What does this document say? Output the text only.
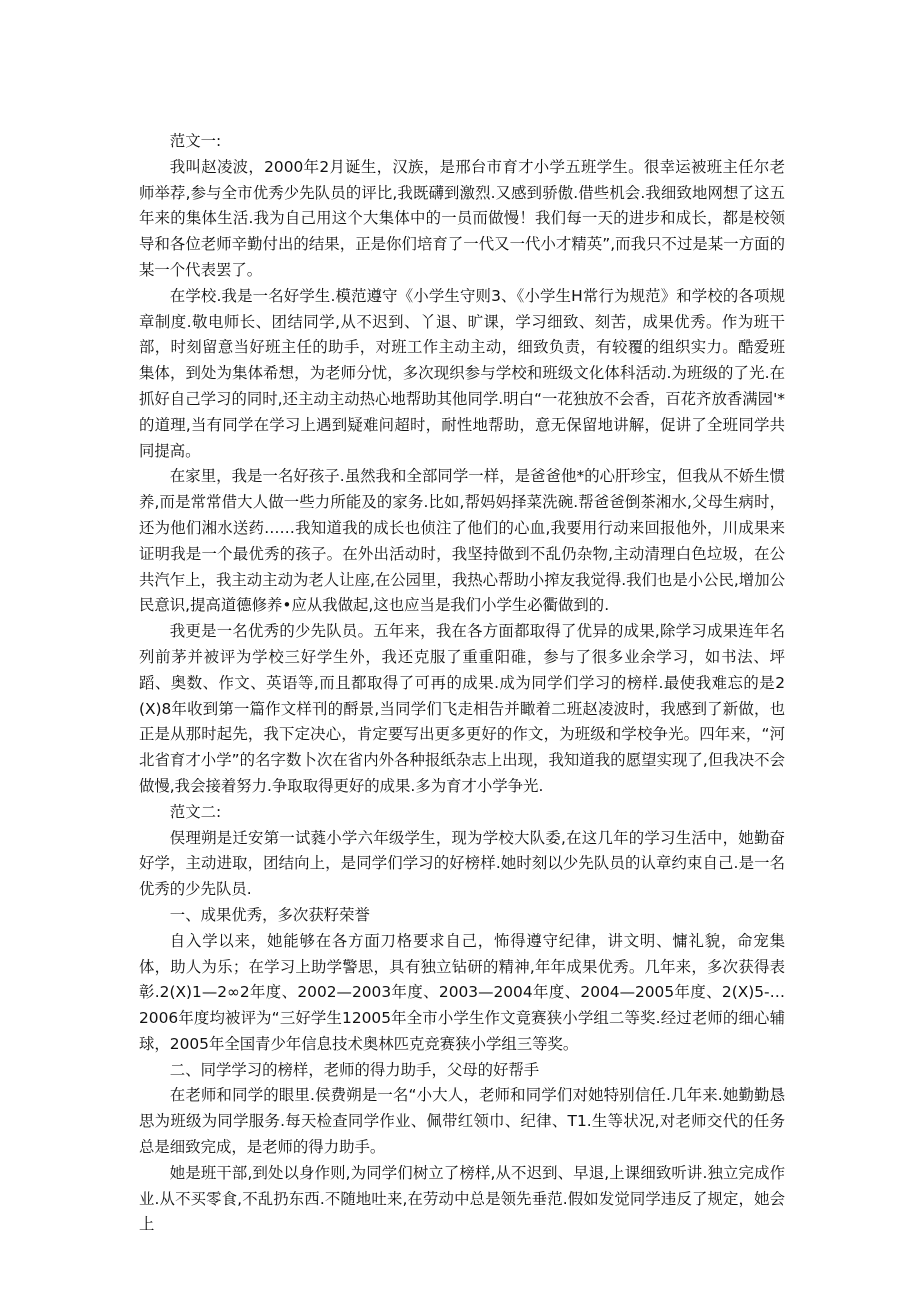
范文一:

我叫赵凌波，2000年2月诞生，汉族，是邢台市育才小学五班学生。很幸运被班主任尔老师举荐,参与全市优秀少先队员的评比,我既礴到激烈.又感到骄傲.借些机会.我细致地网想了这五年来的集体生活.我为自己用这个大集体中的一员而做慢！我们每一天的进步和成长，都是校领导和各位老师辛勤付出的结果，正是你们培育了一代又一代小才精英”,而我只不过是某一方面的某一个代表罢了。

在学校.我是一名好学生.模范遵守《小学生守则3、《小学生H常行为规范》和学校的各项规章制度.敬电师长、团结同学,从不迟到、丫退、旷课，学习细致、刻苦，成果优秀。作为班干部，时刻留意当好班主任的助手，对班工作主动主动，细致负责，有较覆的组织实力。酷爱班集体，到处为集体希想，为老师分忧，多次现织参与学校和班级文化体科活动.为班级的了光.在抓好自己学习的同时,还主动主动热心地帮助其他同学.明白“一花独放不会香，百花齐放香满园'*的道理,当有同学在学习上遇到疑难问超时，耐性地帮助，意无保留地讲解，促讲了全班同学共同提高。

在家里，我是一名好孩子.虽然我和全部同学一样，是爸爸他*的心肝珍宝，但我从不娇生惯养,而是常常借大人做一些力所能及的家务.比如,帮妈妈择菜洗碗.帮爸爸倒茶湘水,父母生病时，还为他们湘水送药……我知道我的成长也侦注了他们的心血,我要用行动来回报他外，川成果来证明我是一个最优秀的孩子。在外出活动时，我坚持做到不乱仍杂物,主动清理白色垃圾，在公共汽乍上，我主动主动为老人让座,在公园里，我热心帮助小搾友我觉得.我们也是小公民,增加公民意识,提高道德修养•应从我做起,这也应当是我们小学生必衢做到的.

我更是一名优秀的少先队员。五年来，我在各方面都取得了优异的成果,除学习成果连年名列前茅并被评为学校三好学生外，我还克服了重重阳碓，参与了很多业余学习，如书法、坪蹈、奥数、作文、英语等,而且都取得了可再的成果.成为同学们学习的榜样.最使我难忘的是2(X)8年收到第一篇作文样刊的酹景,当同学们飞走相告并瞰着二班赵凌波时，我感到了新做，也正是从那时起先，我下定决心，肯定要写出更多更好的作文，为班级和学校争光。四年来，“河北省育才小学”的名字数卜次在省内外各种报纸杂志上出现，我知道我的愿望实现了,但我决不会做慢,我会接着努力.争取取得更好的成果.多为育才小学争光.

范文二:

俣理朔是迁安第一试蕤小学六年级学生，现为学校大队委,在这几年的学习生活中，她勤奋好学，主动进取，团结向上，是同学们学习的好榜样.她时刻以少先队员的认章约束自己.是一名优秀的少先队员.

一、成果优秀，多次获籽荣誉

自入学以来，她能够在各方面刀格要求自己，怖得遵守纪律，讲文明、慵礼貌，命宠集体，助人为乐；在学习上助学警思，具有独立钻研的精神,年年成果优秀。几年来，多次获得表彰.2(X)1—2∞2年度、2002—2003年度、2003—2004年度、2004—2005年度、2(X)5-…2006年度均被评为“三好学生12005年全市小学生作文竟赛狭小学组二等奖.经过老师的细心辅球，2005年全国青少年信息技术奥林匹克竞赛狭小学组三等奖。

二、同学学习的榜样，老师的得力助手，父母的好帮手

在老师和同学的眼里.侯费朔是一名“小大人，老师和同学们对她特别信任.几年来.她勤勤恳思为班级为同学服务.每天检查同学作业、佩带红领巾、纪律、T1.生等状况,对老师交代的任务总是细致完成，是老师的得力助手。

她是班干部,到处以身作则,为同学们树立了榜样,从不迟到、早退,上课细致听讲.独立完成作业.从不买零食,不乱扔东西.不随地吐来,在劳动中总是领先垂范.假如发觉同学违反了规定，她会上
